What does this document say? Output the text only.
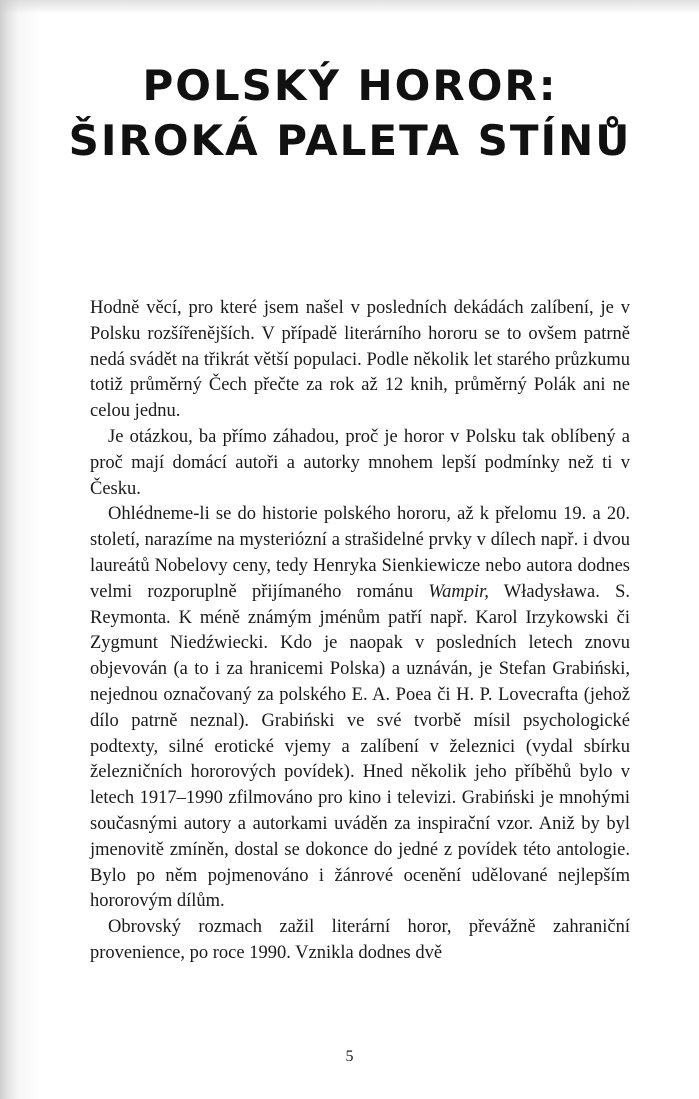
POLSKÝ HOROR:
ŠIROKÁ PALETA STÍNŮ

Hodně věcí, pro které jsem našel v posledních dekádách zalíbení, je v Polsku rozšířenějších. V případě literárního hororu se to ovšem patrně nedá svádět na třikrát větší populaci. Podle několik let starého průzkumu totiž průměrný Čech přečte za rok až 12 knih, průměrný Polák ani ne celou jednu.

Je otázkou, ba přímo záhadou, proč je horor v Polsku tak oblíbený a proč mají domácí autoři a autorky mnohem lepší podmínky než ti v Česku.

Ohlédneme-li se do historie polského hororu, až k přelomu 19. a 20. století, narazíme na mysteriózní a strašidelné prvky v dílech např. i dvou laureátů Nobelovy ceny, tedy Henryka Sienkiewicze nebo autora dodnes velmi rozporuplně přijímaného románu Wampir, Władysława. S. Reymonta. K méně známým jménům patří např. Karol Irzykowski či Zygmunt Niedźwiecki. Kdo je naopak v posledních letech znovu objevován (a to i za hranicemi Polska) a uznáván, je Stefan Grabiński, nejednou označovaný za polského E. A. Poea či H. P. Lovecrafta (jehož dílo patrně neznal). Grabiński ve své tvorbě mísil psychologické podtexty, silné erotické vjemy a zalíbení v železnici (vydal sbírku železničních hororových povídek). Hned několik jeho příběhů bylo v letech 1917–1990 zfilmováno pro kino i televizi. Grabiński je mnohými současnými autory a autorkami uváděn za inspirační vzor. Aniž by byl jmenovitě zmíněn, dostal se dokonce do jedné z povídek této antologie. Bylo po něm pojmenováno i žánrové ocenění udělované nejlepším hororovým dílům.

Obrovský rozmach zažil literární horor, převážně zahraniční provenience, po roce 1990. Vznikla dodnes dvě

5
